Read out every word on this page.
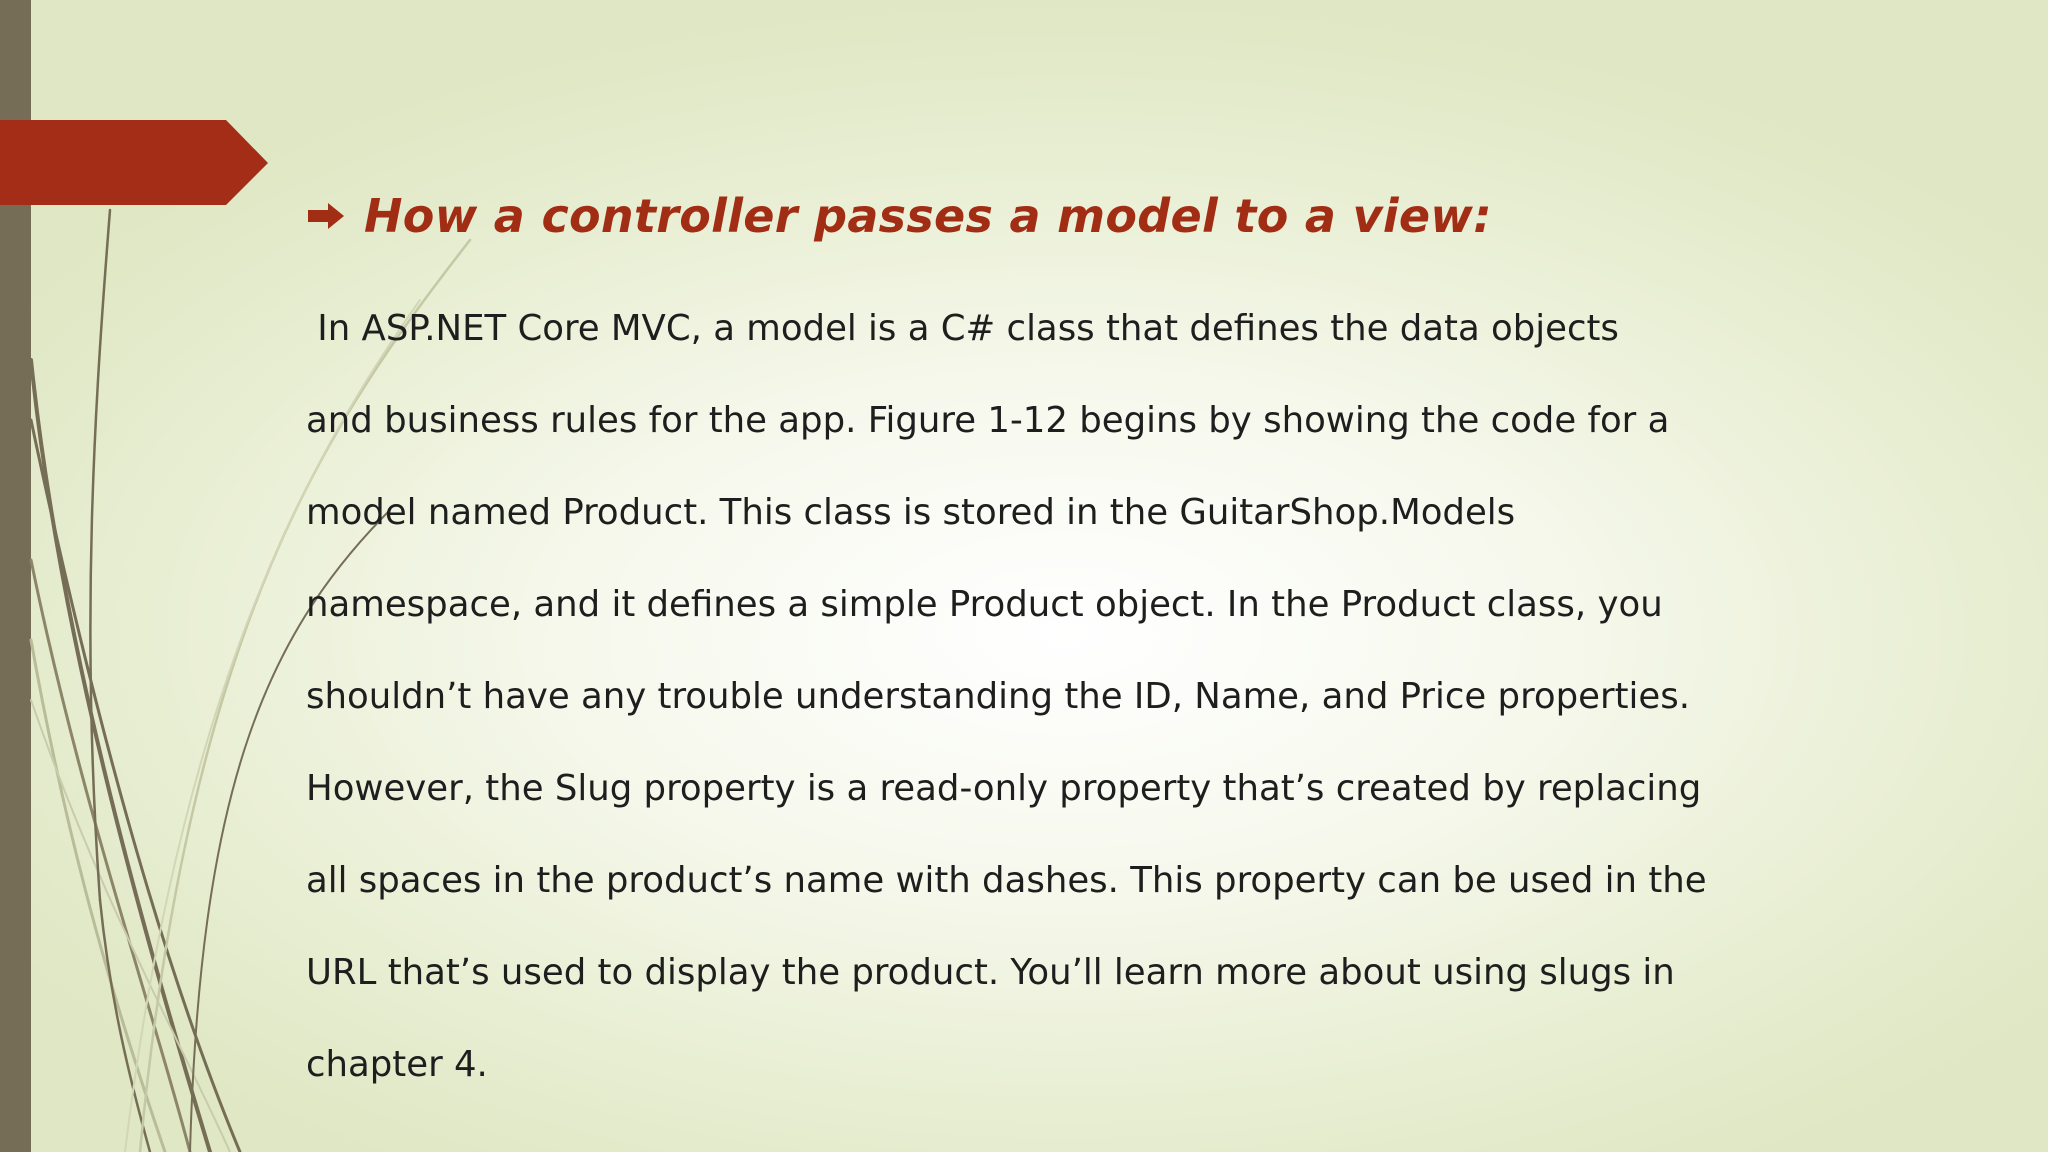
How a controller passes a model to a view:

In ASP.NET Core MVC, a model is a C# class that defines the data objects

and business rules for the app. Figure 1-12 begins by showing the code for a

model named Product. This class is stored in the GuitarShop.Models

namespace, and it defines a simple Product object. In the Product class, you

shouldn’t have any trouble understanding the ID, Name, and Price properties.

However, the Slug property is a read-only property that’s created by replacing

all spaces in the product’s name with dashes. This property can be used in the

URL that’s used to display the product. You’ll learn more about using slugs in

chapter 4.
